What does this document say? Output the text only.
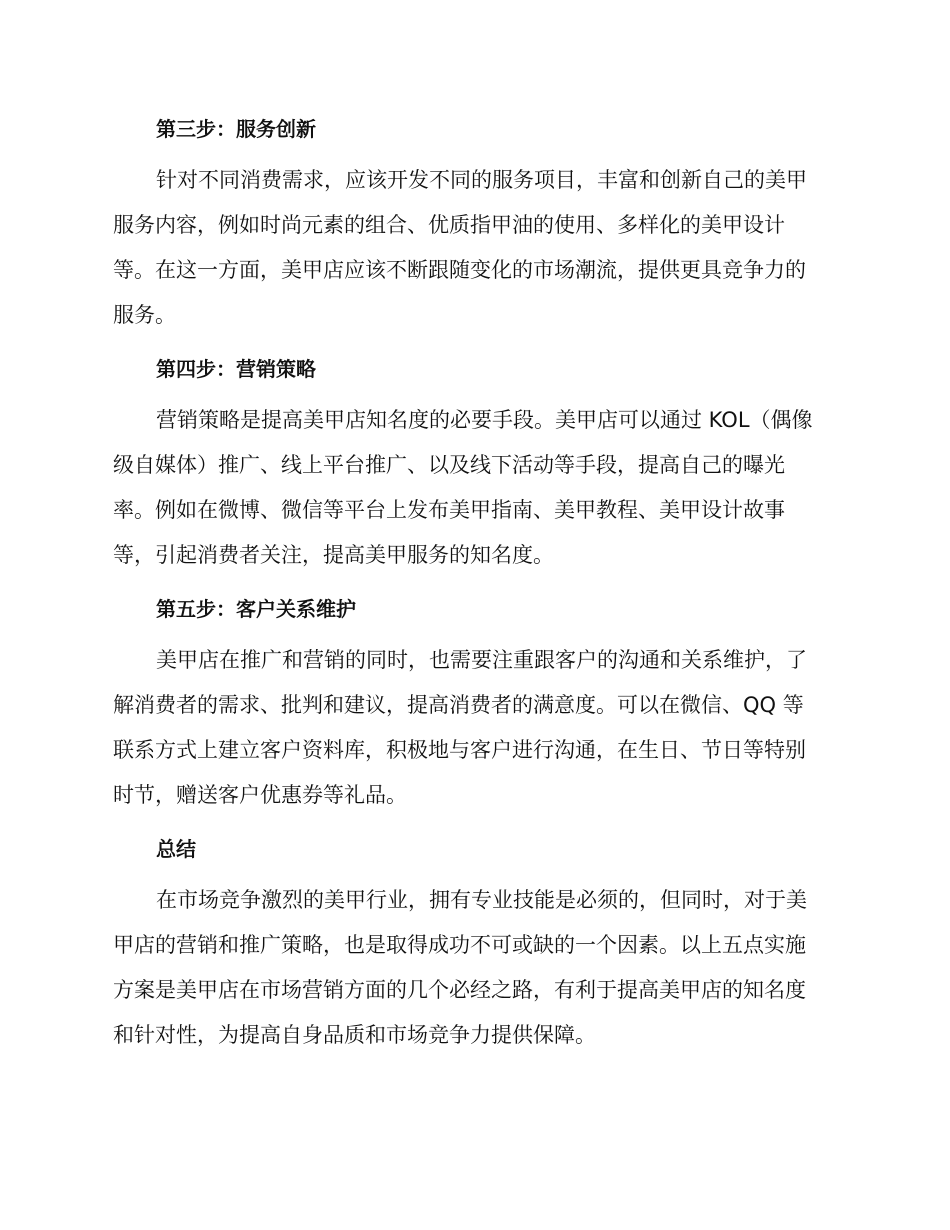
第三步：服务创新

针对不同消费需求，应该开发不同的服务项目，丰富和创新自己的美甲
服务内容，例如时尚元素的组合、优质指甲油的使用、多样化的美甲设计
等。在这一方面，美甲店应该不断跟随变化的市场潮流，提供更具竞争力的
服务。

第四步：营销策略

营销策略是提高美甲店知名度的必要手段。美甲店可以通过 KOL（偶像
级自媒体）推广、线上平台推广、以及线下活动等手段，提高自己的曝光
率。例如在微博、微信等平台上发布美甲指南、美甲教程、美甲设计故事
等，引起消费者关注，提高美甲服务的知名度。

第五步：客户关系维护

美甲店在推广和营销的同时，也需要注重跟客户的沟通和关系维护，了
解消费者的需求、批判和建议，提高消费者的满意度。可以在微信、QQ 等
联系方式上建立客户资料库，积极地与客户进行沟通，在生日、节日等特别
时节，赠送客户优惠券等礼品。

总结

在市场竞争激烈的美甲行业，拥有专业技能是必须的，但同时，对于美
甲店的营销和推广策略，也是取得成功不可或缺的一个因素。以上五点实施
方案是美甲店在市场营销方面的几个必经之路，有利于提高美甲店的知名度
和针对性，为提高自身品质和市场竞争力提供保障。
